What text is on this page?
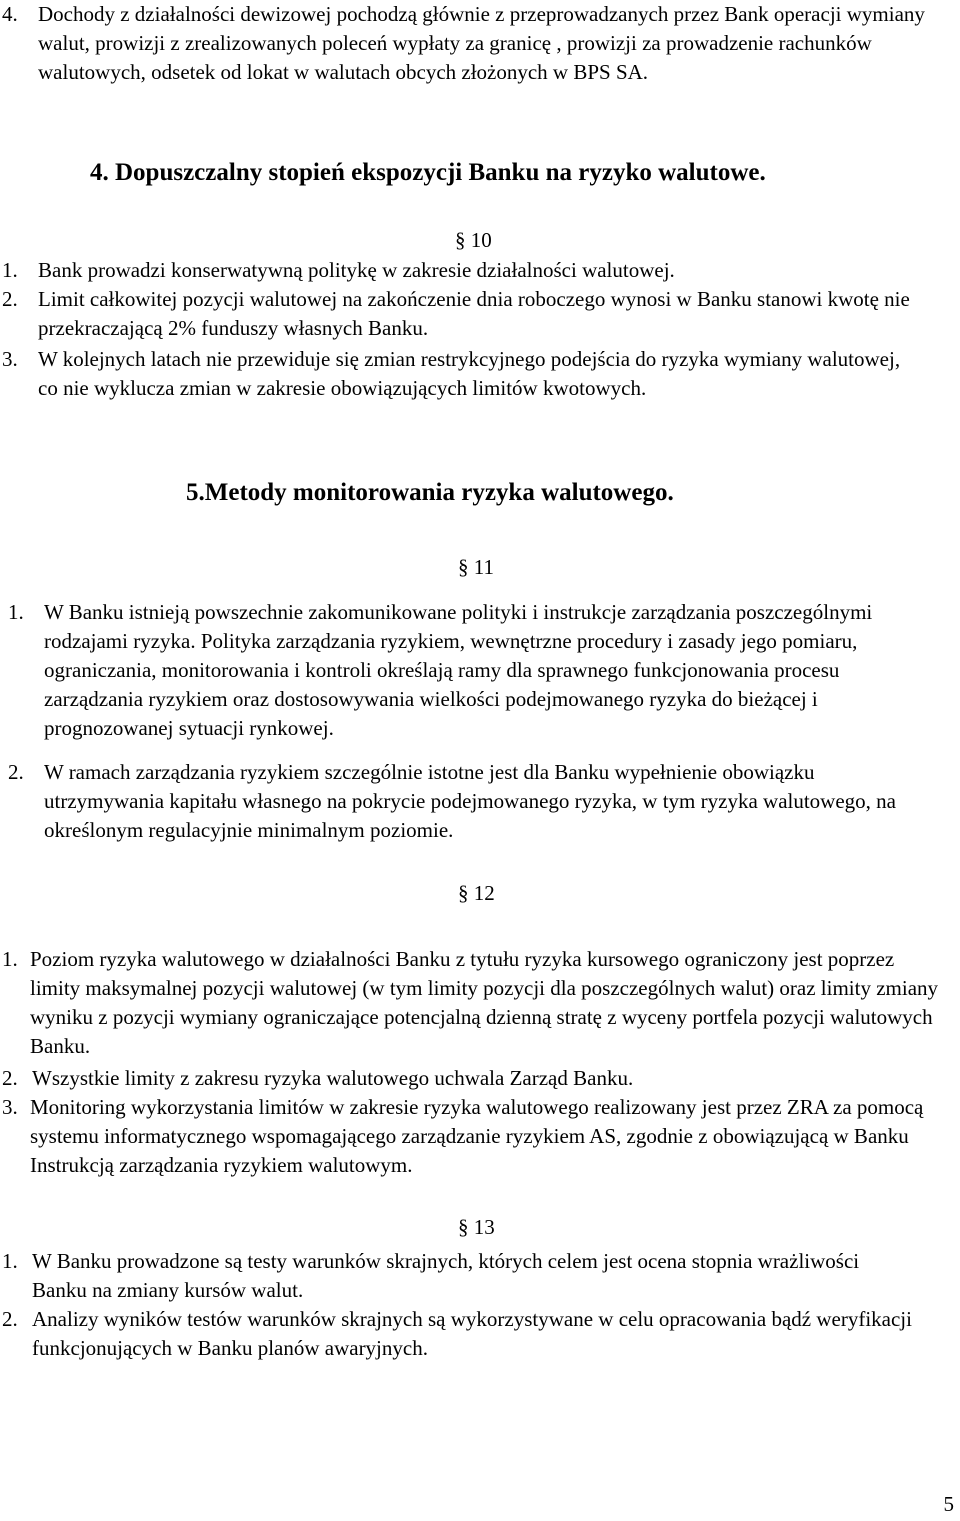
4. Dochody z działalności dewizowej pochodzą głównie z przeprowadzanych przez Bank operacji wymiany walut, prowizji z zrealizowanych poleceń wypłaty za granicę , prowizji za prowadzenie rachunków walutowych, odsetek od lokat w walutach obcych złożonych w BPS SA.
4. Dopuszczalny stopień ekspozycji Banku na ryzyko walutowe.
§ 10
1. Bank prowadzi konserwatywną politykę w zakresie działalności walutowej.
2. Limit całkowitej pozycji walutowej na zakończenie dnia roboczego wynosi w Banku stanowi kwotę nie przekraczającą 2% funduszy własnych Banku.
3. W kolejnych latach nie przewiduje się zmian restrykcyjnego podejścia do ryzyka wymiany walutowej, co nie wyklucza zmian w zakresie obowiązujących limitów kwotowych.
5.Metody monitorowania ryzyka walutowego.
§ 11
1. W Banku istnieją powszechnie zakomunikowane polityki i instrukcje zarządzania poszczególnymi rodzajami ryzyka. Polityka zarządzania ryzykiem, wewnętrzne procedury i zasady jego pomiaru, ograniczania, monitorowania i kontroli określają ramy dla sprawnego funkcjonowania procesu zarządzania ryzykiem oraz dostosowywania wielkości podejmowanego ryzyka do bieżącej i prognozowanej sytuacji rynkowej.
2. W ramach zarządzania ryzykiem szczególnie istotne jest dla Banku wypełnienie obowiązku utrzymywania kapitału własnego na pokrycie podejmowanego ryzyka, w tym ryzyka walutowego, na określonym regulacyjnie minimalnym poziomie.
§ 12
1. Poziom ryzyka walutowego w działalności Banku z tytułu ryzyka kursowego ograniczony jest poprzez limity maksymalnej pozycji walutowej (w tym limity pozycji dla poszczególnych walut) oraz limity zmiany wyniku z pozycji wymiany ograniczające potencjalną dzienną stratę z wyceny portfela pozycji walutowych Banku.
2. Wszystkie limity z zakresu ryzyka walutowego uchwala Zarząd Banku.
3. Monitoring wykorzystania limitów w zakresie ryzyka walutowego realizowany jest przez ZRA za pomocą systemu informatycznego wspomagającego zarządzanie ryzykiem AS, zgodnie z obowiązującą w Banku Instrukcją zarządzania ryzykiem walutowym.
§ 13
1. W Banku prowadzone są testy warunków skrajnych, których celem jest ocena stopnia wrażliwości Banku na zmiany kursów walut.
2. Analizy wyników testów warunków skrajnych są wykorzystywane w celu opracowania bądź weryfikacji funkcjonujących w Banku planów awaryjnych.
5
